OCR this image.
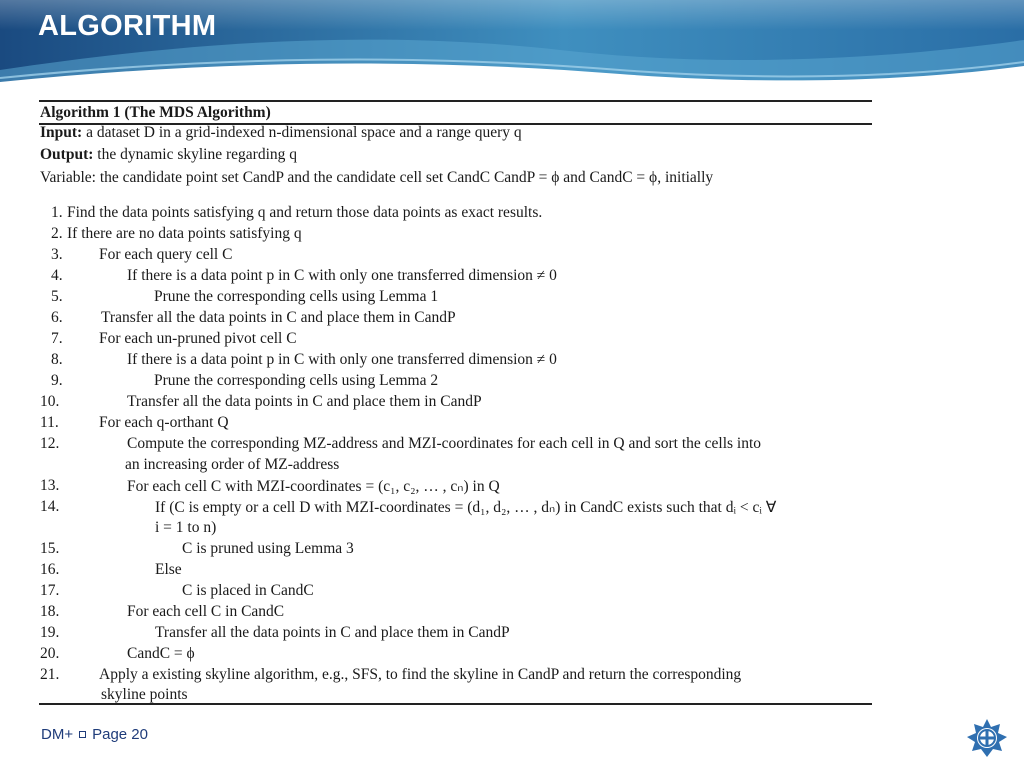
ALGORITHM
Algorithm 1 (The MDS Algorithm)
Input: a dataset D in a grid-indexed n-dimensional space and a range query q
Output: the dynamic skyline regarding q
Variable: the candidate point set CandP and the candidate cell set CandC CandP = ϕ and CandC = ϕ, initially
1. Find the data points satisfying q and return those data points as exact results.
2. If there are no data points satisfying q
3. For each query cell C
4.	If there is a data point p in C with only one transferred dimension ≠ 0
5.	Prune the corresponding cells using Lemma 1
6. Transfer all the data points in C and place them in CandP
7. For each un-pruned pivot cell C
8.	If there is a data point p in C with only one transferred dimension ≠ 0
9.	Prune the corresponding cells using Lemma 2
10.	Transfer all the data points in C and place them in CandP
11.	For each q-orthant Q
12.	Compute the corresponding MZ-address and MZI-coordinates for each cell in Q and sort the cells into
an increasing order of MZ-address
13.	For each cell C with MZI-coordinates = (c₁, c₂, … , cₙ) in Q
14.	If (C is empty or a cell D with MZI-coordinates = (d₁, d₂, … , dₙ) in CandC exists such that dᵢ < cᵢ ∀
i = 1 to n)
15.	C is pruned using Lemma 3
16.	Else
17.	C is placed in CandC
18.	For each cell C in CandC
19.	Transfer all the data points in C and place them in CandP
20.	CandC = ϕ
21.	Apply a existing skyline algorithm, e.g., SFS, to find the skyline in CandP and return the corresponding
skyline points
DM+ Page 20
